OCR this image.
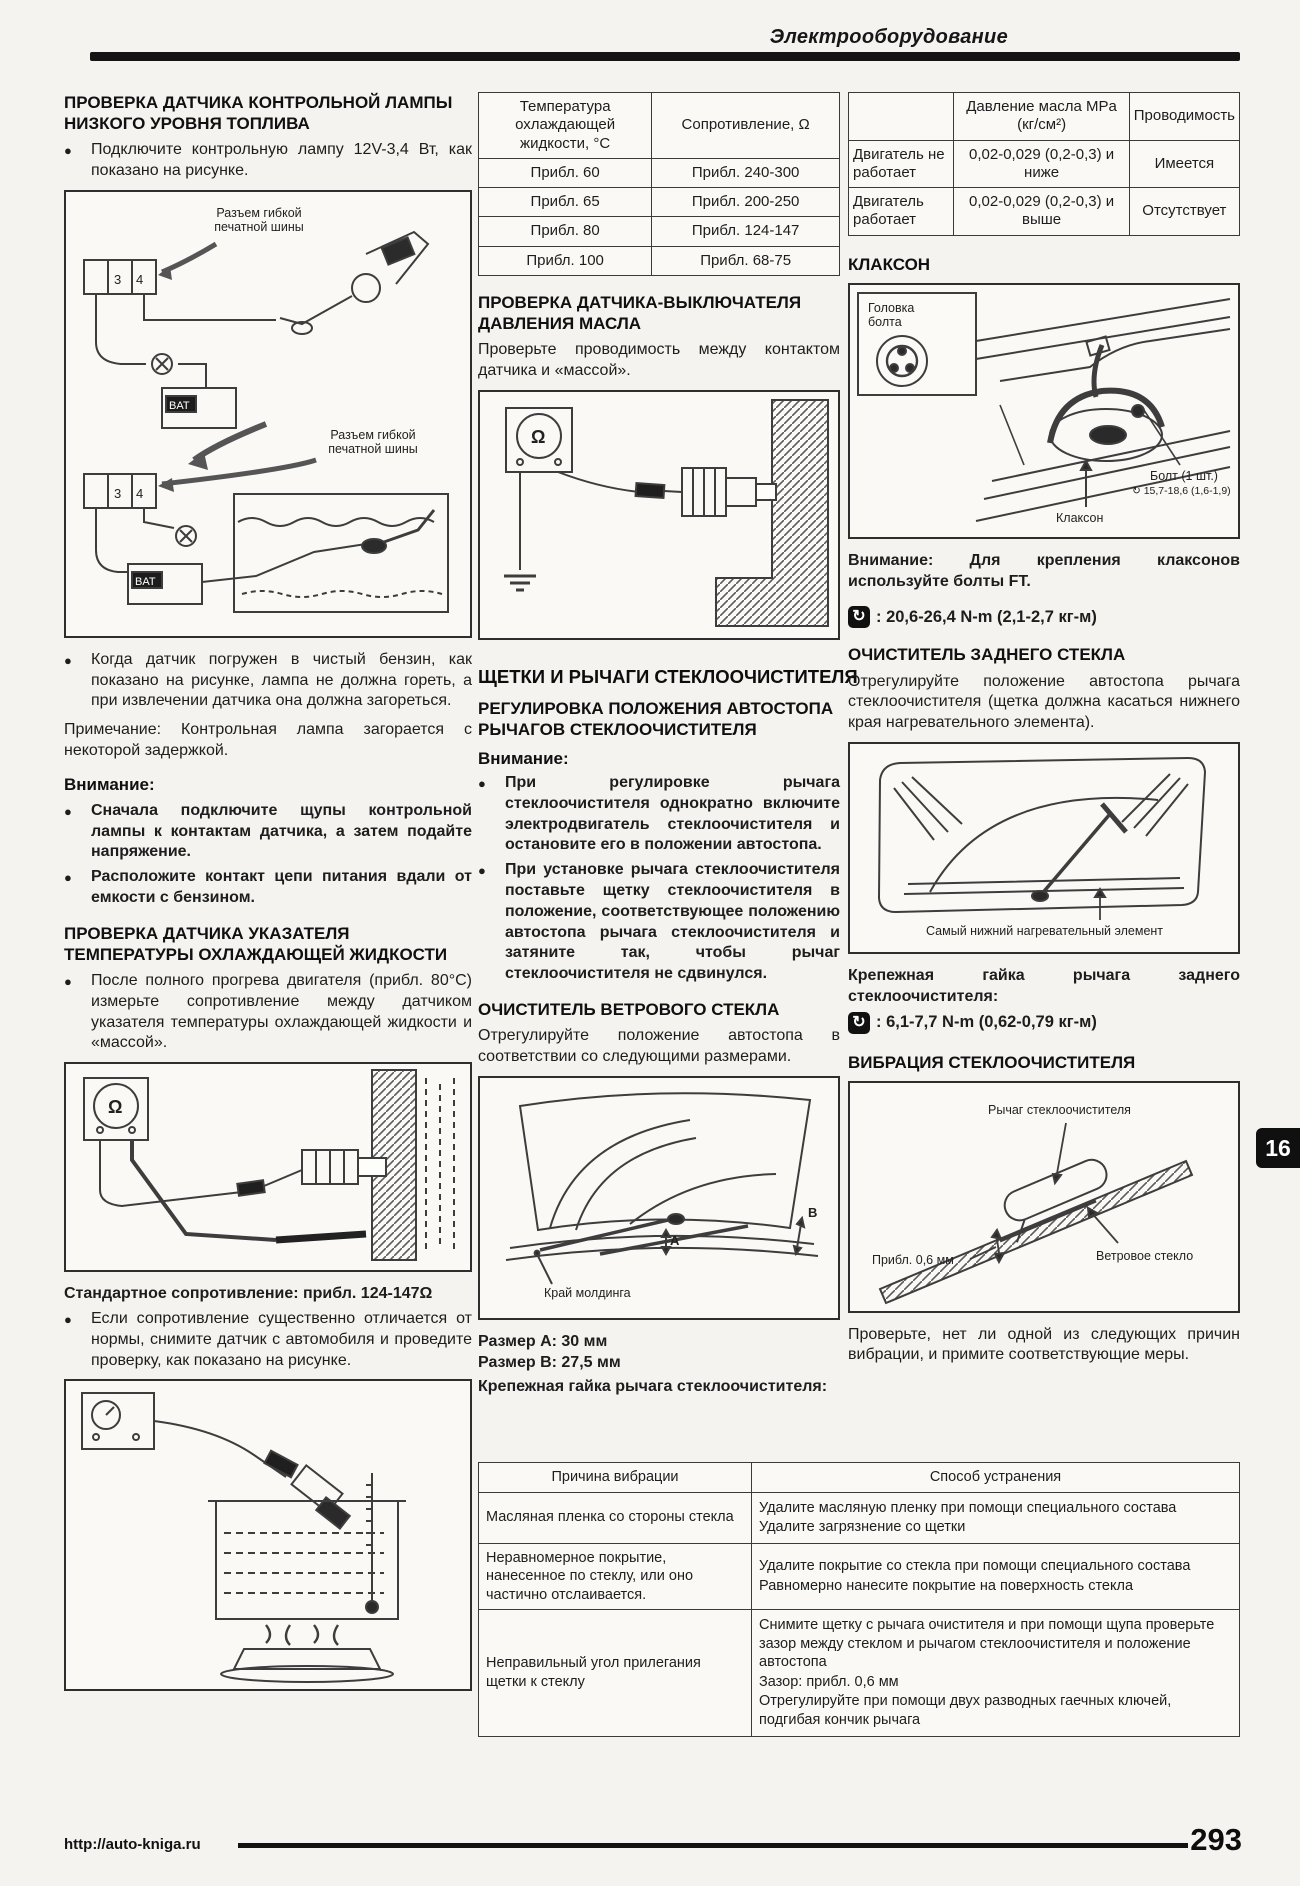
Электрооборудование
ПРОВЕРКА ДАТЧИКА КОНТРОЛЬНОЙ ЛАМПЫ НИЗКОГО УРОВНЯ ТОПЛИВА
●
Подключите контрольную лампу 12V-3,4 Вт, как показано на рисунке.
3 4
3 4
BAT
BAT
Разъем гибкой печатной шины
Разъем гибкой печатной шины
●
Когда датчик погружен в чистый бензин, как показано на рисунке, лампа не должна гореть, а при извлечении датчика она должна загореться.

Примечание: Контрольная лампа загорается с некоторой задержкой.

Внимание:
●
Сначала подключите щупы контрольной лампы к контактам датчика, а затем подайте напряжение.
●
Расположите контакт цепи питания вдали от емкости с бензином.
ПРОВЕРКА ДАТЧИКА УКАЗАТЕЛЯ ТЕМПЕРАТУРЫ ОХЛАЖДАЮЩЕЙ ЖИДКОСТИ
●
После полного прогрева двигателя (прибл. 80°С) измерьте сопротивление между датчиком указателя температуры охлаждающей жидкости и «массой».
Ω
Стандартное сопротивление: прибл. 124-147Ω
●
Если сопротивление существенно отличается от нормы, снимите датчик с автомобиля и проведите проверку, как показано на рисунке.
Температура охлаждающей жидкости, °С	Сопротивление, Ω
Прибл. 60	Прибл. 240-300
Прибл. 65	Прибл. 200-250
Прибл. 80	Прибл. 124-147
Прибл. 100	Прибл. 68-75
ПРОВЕРКА ДАТЧИКА-ВЫКЛЮЧАТЕЛЯ ДАВЛЕНИЯ МАСЛА

Проверьте проводимость между контактом датчика и «массой».

Ω
ЩЕТКИ И РЫЧАГИ СТЕКЛООЧИСТИТЕЛЯ
РЕГУЛИРОВКА ПОЛОЖЕНИЯ АВТОСТОПА РЫЧАГОВ СТЕКЛООЧИСТИТЕЛЯ
Внимание:
●
При регулировке рычага стеклоочистителя однократно включите электродвигатель стеклоочистителя и остановите его в положении автостопа.
●
При установке рычага стеклоочистителя поставьте щетку стеклоочистителя в положение, соответствующее положению автостопа рычага стеклоочистителя и затяните так, чтобы рычаг стеклоочистителя не сдвинулся.
ОЧИСТИТЕЛЬ ВЕТРОВОГО СТЕКЛА

Отрегулируйте положение автостопа в соответствии со следующими размерами.

Край молдинга
A
B
Размер А: 30 мм
Размер В: 27,5 мм
Крепежная гайка рычага стеклоочистителя:
	Давление масла MPa (кг/см²)	Проводимость
Двигатель не работает	0,02-0,029 (0,2-0,3) и ниже	Имеется
Двигатель работает	0,02-0,029 (0,2-0,3) и выше	Отсутствует
КЛАКСОН
Головка болта
Болт (1 шт.)
↻ 15,7-18,6 (1,6-1,9)
Клаксон

Внимание: Для крепления клаксонов используйте болты FT.

↻ : 20,6-26,4 N-m (2,1-2,7 кг-м)
ОЧИСТИТЕЛЬ ЗАДНЕГО СТЕКЛА

Отрегулируйте положение автостопа рычага стеклоочистителя (щетка должна касаться нижнего края нагревательного элемента).

Самый нижний нагревательный элемент
Крепежная гайка рычага заднего стеклоочистителя:
↻ : 6,1-7,7 N-m (0,62-0,79 кг-м)
ВИБРАЦИЯ СТЕКЛООЧИСТИТЕЛЯ
Рычаг стеклоочистителя
Прибл. 0,6 мм	Ветровое стекло

Проверьте, нет ли одной из следующих причин вибрации, и примите соответствующие меры.

Причина вибрации	Способ устранения
Масляная пленка со стороны стекла	Удалите масляную пленку при помощи специального состава
Удалите загрязнение со щетки

Неравномерное покрытие, нанесенное по стеклу, или оно частично отслаивается.	Удалите покрытие со стекла при помощи специального состава
Равномерно нанесите покрытие на поверхность стекла

Неправильный угол прилегания щетки к стеклу	Снимите щетку с рычага очистителя и при помощи щупа проверьте зазор между стеклом и рычагом стеклоочистителя и положение автостопа
Зазор: прибл. 0,6 мм
Отрегулируйте при помощи двух разводных гаечных ключей, подгибая кончик рычага
16
http://auto-kniga.ru	293
